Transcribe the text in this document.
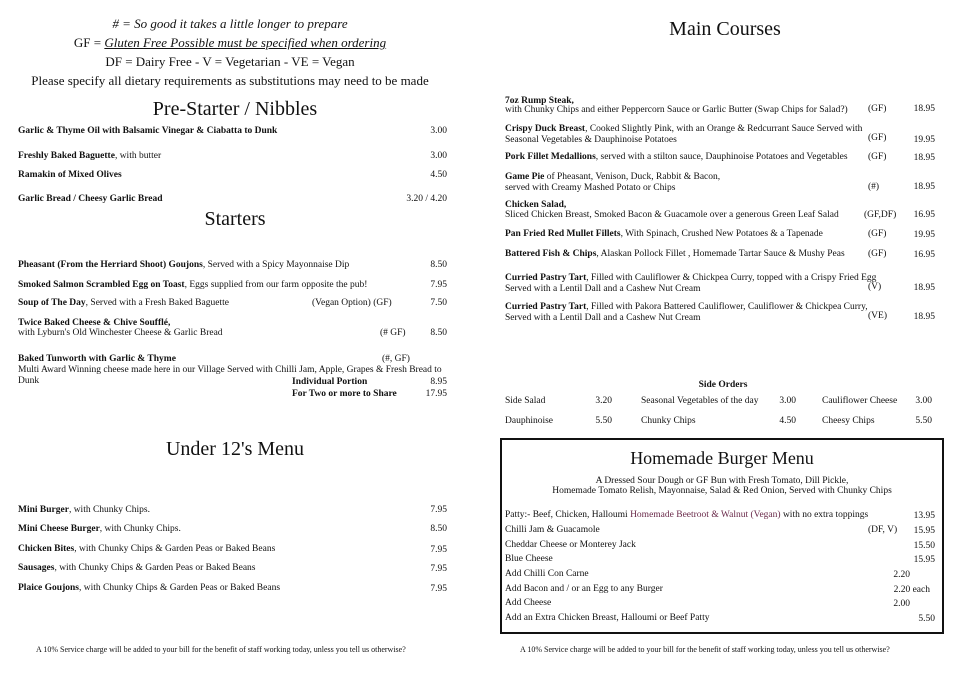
# = So good it takes a little longer to prepare
GF = Gluten Free Possible must be specified when ordering
DF = Dairy Free - V = Vegetarian - VE = Vegan
Please specify all dietary requirements as substitutions may need to be made
Pre-Starter / Nibbles
Garlic & Thyme Oil with Balsamic Vinegar & Ciabatta to Dunk	3.00
Freshly Baked Baguette, with butter	3.00
Ramakin of Mixed Olives	4.50
Garlic Bread / Cheesy Garlic Bread	3.20 / 4.20
Starters
Pheasant (From the Herriard Shoot) Goujons, Served with a Spicy Mayonnaise Dip	8.50
Smoked Salmon Scrambled Egg on Toast, Eggs supplied from our farm opposite the pub!	7.95
Soup of The Day, Served with a Fresh Baked Baguette	(Vegan Option) (GF)	7.50
Twice Baked Cheese & Chive Soufflé,
with Lyburn's Old Winchester Cheese & Garlic Bread	(# GF)	8.50
Baked Tunworth with Garlic & Thyme	(#, GF)
Multi Award Winning cheese made here in our Village Served with Chilli Jam, Apple, Grapes & Fresh Bread to Dunk	Individual Portion	8.95
For Two or more to Share	17.95
Under 12's Menu
Mini Burger, with Chunky Chips.	7.95
Mini Cheese Burger, with Chunky Chips.	8.50
Chicken Bites, with Chunky Chips & Garden Peas or Baked Beans	7.95
Sausages, with Chunky Chips & Garden Peas or Baked Beans	7.95
Plaice Goujons, with Chunky Chips & Garden Peas or Baked Beans	7.95
A 10% Service charge will be added to your bill for the benefit of staff working today, unless you tell us otherwise?
Main Courses
7oz Rump Steak,
with Chunky Chips and either Peppercorn Sauce or Garlic Butter (Swap Chips for Salad?)	(GF)	18.95
Crispy Duck Breast, Cooked Slightly Pink, with an Orange & Redcurrant Sauce Served with Seasonal Vegetables & Dauphinoise Potatoes	(GF)	19.95
Pork Fillet Medallions, served with a stilton sauce, Dauphinoise Potatoes and Vegetables	(GF)	18.95
Game Pie of Pheasant, Venison, Duck, Rabbit & Bacon, served with Creamy Mashed Potato or Chips	(#)	18.95
Chicken Salad,
Sliced Chicken Breast, Smoked Bacon & Guacamole over a generous Green Leaf Salad	(GF,DF)	16.95
Pan Fried Red Mullet Fillets, With Spinach, Crushed New Potatoes & a Tapenade	(GF)	19.95
Battered Fish & Chips, Alaskan Pollock Fillet , Homemade Tartar Sauce & Mushy Peas	(GF)	16.95
Curried Pastry Tart, Filled with Cauliflower & Chickpea Curry, topped with a Crispy Fried Egg Served with a Lentil Dall and a Cashew Nut Cream	(V)	18.95
Curried Pastry Tart, Filled with Pakora Battered Cauliflower, Cauliflower & Chickpea Curry, Served with a Lentil Dall and a Cashew Nut Cream	(VE)	18.95
Side Orders
Side Salad	3.20	Seasonal Vegetables of the day	3.00	Cauliflower Cheese	3.00
Dauphinoise	5.50	Chunky Chips	4.50	Cheesy Chips	5.50
Homemade Burger Menu
A Dressed Sour Dough or GF Bun with Fresh Tomato, Dill Pickle,
Homemade Tomato Relish, Mayonnaise, Salad & Red Onion, Served with Chunky Chips
Patty:- Beef, Chicken, Halloumi Homemade Beetroot & Walnut (Vegan) with no extra toppings	13.95
Chilli Jam & Guacamole	(DF, V)	15.95
Cheddar Cheese or Monterey Jack	15.50
Blue Cheese	15.95
Add Chilli Con Carne	2.20
Add Bacon and / or an Egg to any Burger	2.20 each
Add Cheese	2.00
Add an Extra Chicken Breast, Halloumi or Beef Patty	5.50
A 10% Service charge will be added to your bill for the benefit of staff working today, unless you tell us otherwise?
